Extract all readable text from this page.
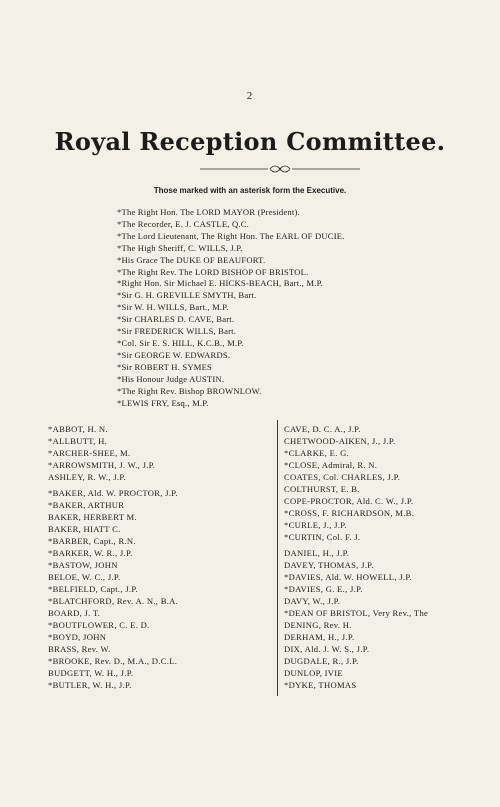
2
Royal Reception Committee.
Those marked with an asterisk form the Executive.
*The Right Hon. The LORD MAYOR (President).
*The Recorder, E. J. CASTLE, Q.C.
*The Lord Lieutenant, The Right Hon. The EARL OF DUCIE.
*The High Sheriff, C. WILLS, J.P.
*His Grace The DUKE OF BEAUFORT.
*The Right Rev. The LORD BISHOP OF BRISTOL.
*Right Hon. Sir Michael E. HICKS-BEACH, Bart., M.P.
*Sir G. H. GREVILLE SMYTH, Bart.
*Sir W. H. WILLS, Bart., M.P.
*Sir CHARLES D. CAVE, Bart.
*Sir FREDERICK WILLS, Bart.
*Col. Sir E. S. HILL, K.C.B., M.P.
*Sir GEORGE W. EDWARDS.
*Sir ROBERT H. SYMES
*His Honour Judge AUSTIN.
*The Right Rev. Bishop BROWNLOW.
*LEWIS FRY, Esq., M.P.
*ABBOT, H. N.
*ALLBUTT, H.
*ARCHER-SHEE, M.
*ARROWSMITH, J. W., J.P.
ASHLEY, R. W., J.P.
*BAKER, Ald. W. PROCTOR, J.P.
*BAKER, ARTHUR
BAKER, HERBERT M.
BAKER, HIATT C.
*BARBER, Capt., R.N.
*BARKER, W. R., J.P.
*BASTOW, JOHN
BELOE, W. C., J.P.
*BELFIELD, Capt., J.P.
*BLATCHFORD, Rev. A. N., B.A.
BOARD, J. T.
*BOUTFLOWER, C. E. D.
*BOYD, JOHN
BRASS, Rev. W.
*BROOKE, Rev. D., M.A., D.C.L.
BUDGETT, W. H., J.P.
*BUTLER, W. H., J.P.
CAVE, D. C. A., J.P.
CHETWOOD-AIKEN, J., J.P.
*CLARKE, E. G.
*CLOSE, Admiral, R. N.
COATES, Col. CHARLES, J.P.
COLTHURST, E. B.
COPE-PROCTOR, Ald. C. W., J.P.
*CROSS, F. RICHARDSON, M.B.
*CURLE, J., J.P.
*CURTIN, Col. F. J.
DANIEL, H., J.P.
DAVEY, THOMAS, J.P.
*DAVIES, Ald. W. HOWELL, J.P.
*DAVIES, G. E., J.P.
DAVY, W., J.P.
*DEAN OF BRISTOL, Very Rev., The
DENING, Rev. H.
DERHAM, H., J.P.
DIX, Ald. J. W. S., J.P.
DUGDALE, R., J.P.
DUNLOP, IVIE
*DYKE, THOMAS
